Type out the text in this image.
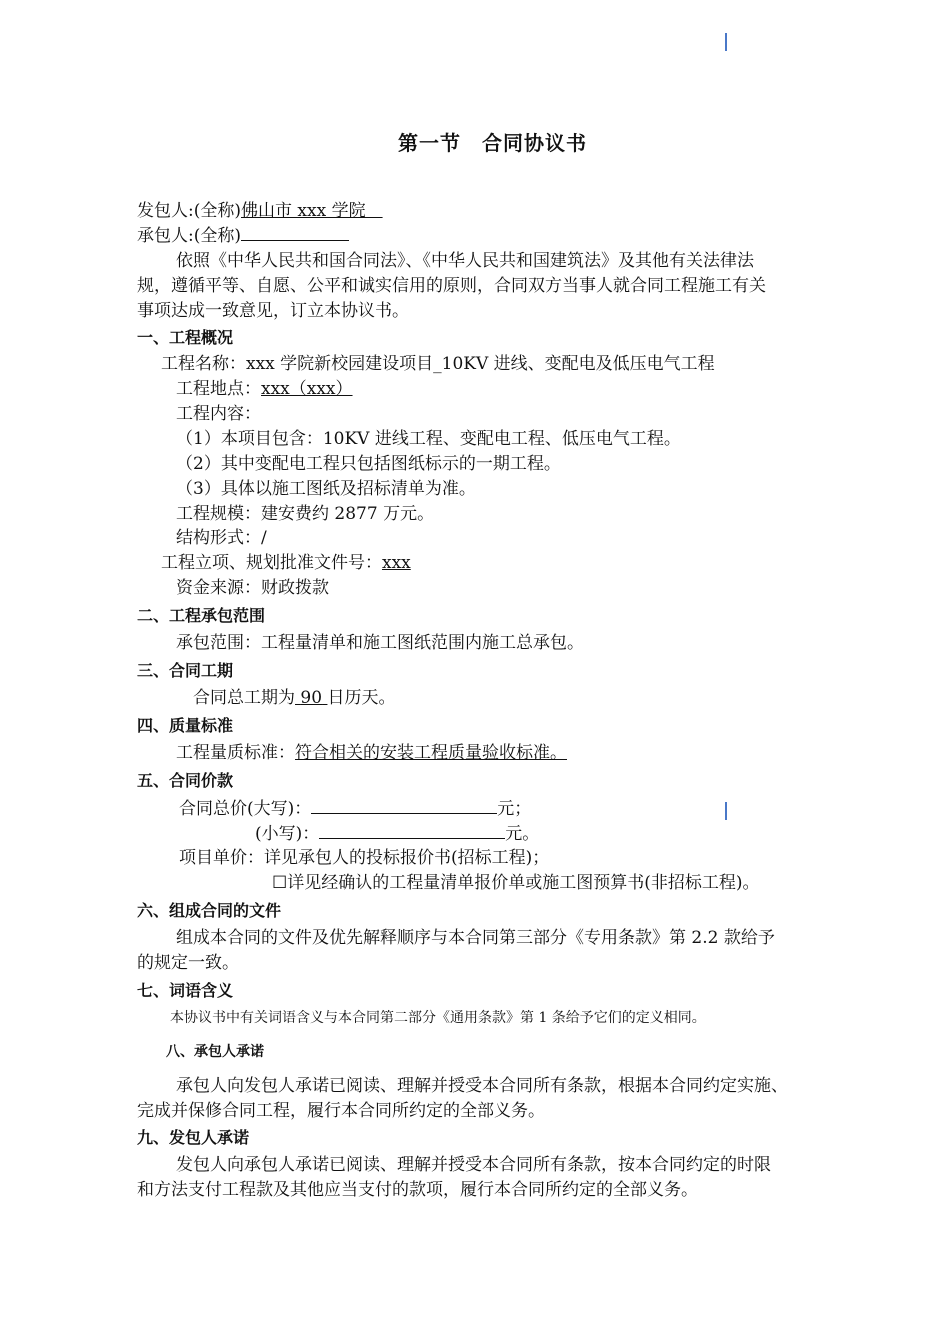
第一节　合同协议书
发包人:(全称)佛山市 xxx 学院　
承包人:(全称)
依照《中华人民共和国合同法》、《中华人民共和国建筑法》及其他有关法律法
规，遵循平等、自愿、公平和诚实信用的原则，合同双方当事人就合同工程施工有关
事项达成一致意见，订立本协议书。
一、工程概况
工程名称：xxx 学院新校园建设项目_10KV 进线、变配电及低压电气工程
工程地点：xxx（xxx）
工程内容：
（1）本项目包含：10KV 进线工程、变配电工程、低压电气工程。
（2）其中变配电工程只包括图纸标示的一期工程。
（3）具体以施工图纸及招标清单为准。
工程规模：建安费约 2877 万元。
结构形式：/
工程立项、规划批准文件号：xxx
资金来源：财政拨款
二、工程承包范围
承包范围：工程量清单和施工图纸范围内施工总承包。
三、合同工期
合同总工期为 90 日历天。
四、质量标准
工程量质标准：符合相关的安装工程质量验收标准。
五、合同价款
合同总价(大写)：	元；
(小写)：	元。
项目单价：详见承包人的投标报价书(招标工程)；
☐详见经确认的工程量清单报价单或施工图预算书(非招标工程)。
六、组成合同的文件
组成本合同的文件及优先解释顺序与本合同第三部分《专用条款》第 2.2 款给予
的规定一致。
七、词语含义
本协议书中有关词语含义与本合同第二部分《通用条款》第 1 条给予它们的定义相同。
八、承包人承诺
承包人向发包人承诺已阅读、理解并授受本合同所有条款，根据本合同约定实施、
完成并保修合同工程，履行本合同所约定的全部义务。
九、发包人承诺
发包人向承包人承诺已阅读、理解并授受本合同所有条款，按本合同约定的时限
和方法支付工程款及其他应当支付的款项，履行本合同所约定的全部义务。
